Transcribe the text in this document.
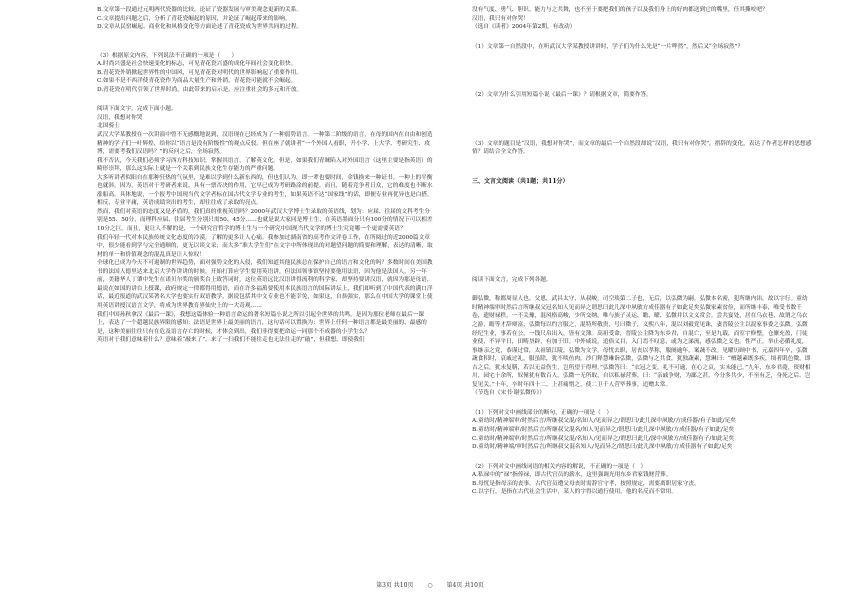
B.文章第一段通过元明两代瓷器的比较，论证了瓷器发展与审美观念更新的关系。

C.文章提出问题之后，分析了青花瓷崛起的原因，并论证了崛起带来的影响。

D.文章从民窑崛起、商业化和风格变化等方面论述了青花瓷成为世界共同的过程。

（3）根据原文内容，下列说法不正确的一项是（　　）

A.时尚兴盛是社会快速变化的标志，可见青花瓷兴盛的成化年间社会变化很快。

B.青花瓷外销掀起世界性的中国风，可见青花瓷对明代的世界影响起了重要作用。

C.如果不是不西洋使青花瓷作为商品大量生产和外销，青花瓷可能就不会崛起。

D.青花瓷在明代引领了世界时尚，由此带来的启示是，应注重社会的多元和开放。

阅读下面文字，完成下面小题。

汉语，我想对你哭

北国骑士

武汉大学某教授在一次讲演中曾不无感慨地说到，汉语现在已经成为了一种弱势语言。一种第二阶级的语言，在母的国内在自由和创造精神的学子们一叶辉煌，给你以“语言是没有阶级性”的观点反驳。但在座了就讲者“一个外国人看职，升小学、上大学、考研究生、攻博，需要考我们汉语吗？”的反问之后，全场寂然。

我不否认，今天我们必须学习西方科技知识，掌握其语言，了解英文化。但是，如果我们青睐陷入对外国语言（这里主要是指英语）的畸形崇拜，那么这实际上就是一个关系到民族文化生存能力的严重问题。

大多听讲者似阳自在那种狂热的气氛里，是难以学到什么新东西的，但也们认为，即一辈也要时间，金钱换来一种证书。一种上的平衡也就斜。因为，英语对于考研者来说，具有一票否决的作用，它早已成为考研路涂的前提。而且，随着竞争者日众，它的难度也不断水涨船高。具体地说，一个报考中国现当代文学者标在国古代文学专业的考生，如果英语不达“国家线”的话，即便专业再优异也是白搭。相反，专业平庸，英语成绩突出的考生，却往往成了录取的亮点。

然而，我们对英语的态度又是矛盾的，我们真的重视英语吗？2000年武汉大学博士生录取的英语线，划为：应届、往届的文科考生分别是55、50分，而理科应届、往届考生分别只需50、45分……也就是说大家同是博士生，在英语墨面分只有100分的情况下可以相差10分之巨。而且，更让人不解的是，一个研究宫哲学的博士生与一个研究中国现当代文学的博士生究竟哪一个更需要英语？

我们年轻一代对本民族传统文化态度的冷漠，了解的更多让人心痛。我参加过湖南省的高考作文评卷工作，在所阅过的近2000篇文章中，很少能看到学与完全通顺的，更无以谈文采；而大多“准大学生们”在文字中所体现出的对题望问题的简要和理解，表达的清晰，取材的单一和价值观念的混乱真是让人惊叹！

全球化已成为今天不可遏制的世界趋势，面对强势文化的入侵，我们知道其他民族总在保护自己的语言和文化的吗？多数时间在美国教书的法国人德里达来北京大学作讲讲的时候，开始打算应学生要用英语讲，但法国领事馆坚持要他用法语，因为他是法国人，另一年前，美籍华人丁肇中先生在诺贝尔奖的颁奖台上致答词时，这位英语远比汉语讲得流利的科学家，却坚持要讲汉语，就因为那是母语，最说在如国的讲台上授课，政府规定一律都得用德语，而在许多福萬要使用本民族语言的国际讲坛上，我们却听到了中国代表的满口洋话，最近报道的武汉某著名大学也要实行双语教学，据说包括其中文专业也不能幸免，如果这，自恭强实，那么在中国大学的课堂上使用英语讲授汉语言文学，将成为世界教育界仙史上的一大奇观……

我们中国孙秋拿汉《最后一课》，我想这篇体验一种语言命运的著名短篇小说之所以引起全世界的共鸣，是因为那位老师在最后一课上，表达了一个超越民族界限的感知：法语是世界上最美丽的语言，这句话可以置换为：世界上任何一种语言都是最美丽的、最感的是，这种美丽往往只有在危及语言存亡的时候，才体会到出，我们非得要把命运一同那个不成器的小学生么？

英语对于我们意味着什么？意味着“敲来了”。来了一扫我们不能往走也无法往走的“敲”，但我想，即使我们

没有气度、勇气、胆识、能力与之共舞，也不至于要把我们的孩子以及我们身上的好肉都送到它的嘴里，任其撕咬吧？

汉语，我只有对你哭！

（选自《读者》2004年第2期，有改动）

（1）文章第一自然段中，在听武汉大学某教授讲讲时，学子们为什么先是“一片哗然”，然后又“全场寂然”？

（2）文章为什么引用短篇小说《最后一课》？请根据文章，简要作答。

（3）文章的题目是“汉语，我想对你哭”，而文章的最后一个自然段却说“汉语，我只有对你哭”，措辞的变化，表达了作者怎样的思想感情？请结合全文作答。

三、文言文阅读（共1题；共11分）

阅读下面文言，完成下列各题。

御弘微，称都周显人也。父恩，武昌太守，从叔峻，司空琰第二子也，无后，以弘微为嗣。弘微本名密，犯所继内讳，故以字行。童幼时精神端审时然后言所继叔父冠名知人见而异之谓思曰此儿深中夙敏方成佳器有子如此足矣弘微家素贫俭，而所继丰泰，唯受书数千卷，遗财禄秩，一不关豫，混风格高峻，少所交纳，唯与族子灵运、瞻、曜、弘微并以文义赏会。尝共宴处，居在乌衣巷，故谓之乌衣之游，瞻等才辞辩富，弘微每以约言服之，混特所敬贵，号曰微子，义熙八年，混以刘毅党见诛，妻晋陵公主以混家事委之弘微。弘微经纪生业，事若在公，一钱尺帛出入，皆有文簿。高祖受命，晋陵公主降为东乡君，自混亡，至是九载，而室宇修整，仓廪充盈，门徒业使，不异平日，田畴垦辟，有加于旧。中外咸说，追俗义目，入门焉不叹息，或为之涕流，感弘微之义也。性严正，举止必循礼度，事继亲之党，恭谨过常，太祖镇江陵，弘微为文学。母忧去职，居丧以孝称，服阕逾年，案蔬不改。见曜历顾中书，元嘉四年卒，弘微蔬食积时，哀戚过礼，服虽除，犹不啖鱼肉。沙门释慧琳诣弘微，弘微与之共食，犹独蔬素，慧琳曰：“檀越素既多疾，顷者肌色微，即吉之后，犹未复膳，若以无益伤生，岂所望于得理。”弘微答曰：“衣冠之变，礼不可逾，在心之哀，实未能已。”九年，东乡君薨，资财相川，园宅十余所，奴僮犹有数百人。弘微一无所取，自以私禄营葬。曰：“亲戚争财，为鄙之甚，今分多共少，不至有乏，身死之后，岂复见关。”十年，卒时年四十二。上甚痛惜之，使二卫千人营毕葬事，追赠太常。

（节选自《宋书·谢弘微传》）

（1）下列对文中画线部分的断句，正确的一项是（　）

A.童幼时/精神端审/时然后言/所继叔父混/名知人/见而异之/谓思曰/此儿深中夙敏/方成佳器/有子如此/足矣

B.童幼时/精神端审/时然后言/所继叔父混名/知人见而异之/谓思曰/此儿深中夙敏/方成佳器/有子如此/足矣

C.童幼时/精神端审/时然后言/所继叔父混/名知人/见而异之/谓思曰此儿/深中夙敏方/成佳器有子/如此足矣

D.童幼时/精神端/审时然后言/所继叔父混名知人/见而异之/谓思曰/此儿深中夙敏/方成佳器有子如此/足矣

（2）下列对文中画线词语的相关内容的解说，不正确的一项是（　）

A.私禄中的“禄”指俸禄，即古代官员的薪水，这里强调光用东乡君家钱财营葬。

B.母忧是指母亲的丧事，古代官员遭父母丧时需辞官守孝，按照规定，需要离职居家守丧。

C.以字行，是指在古代社会生活中，某人的字得以通行使用，他的名反而不常用。

第3页 共10页 ○ 第4页 共10页
